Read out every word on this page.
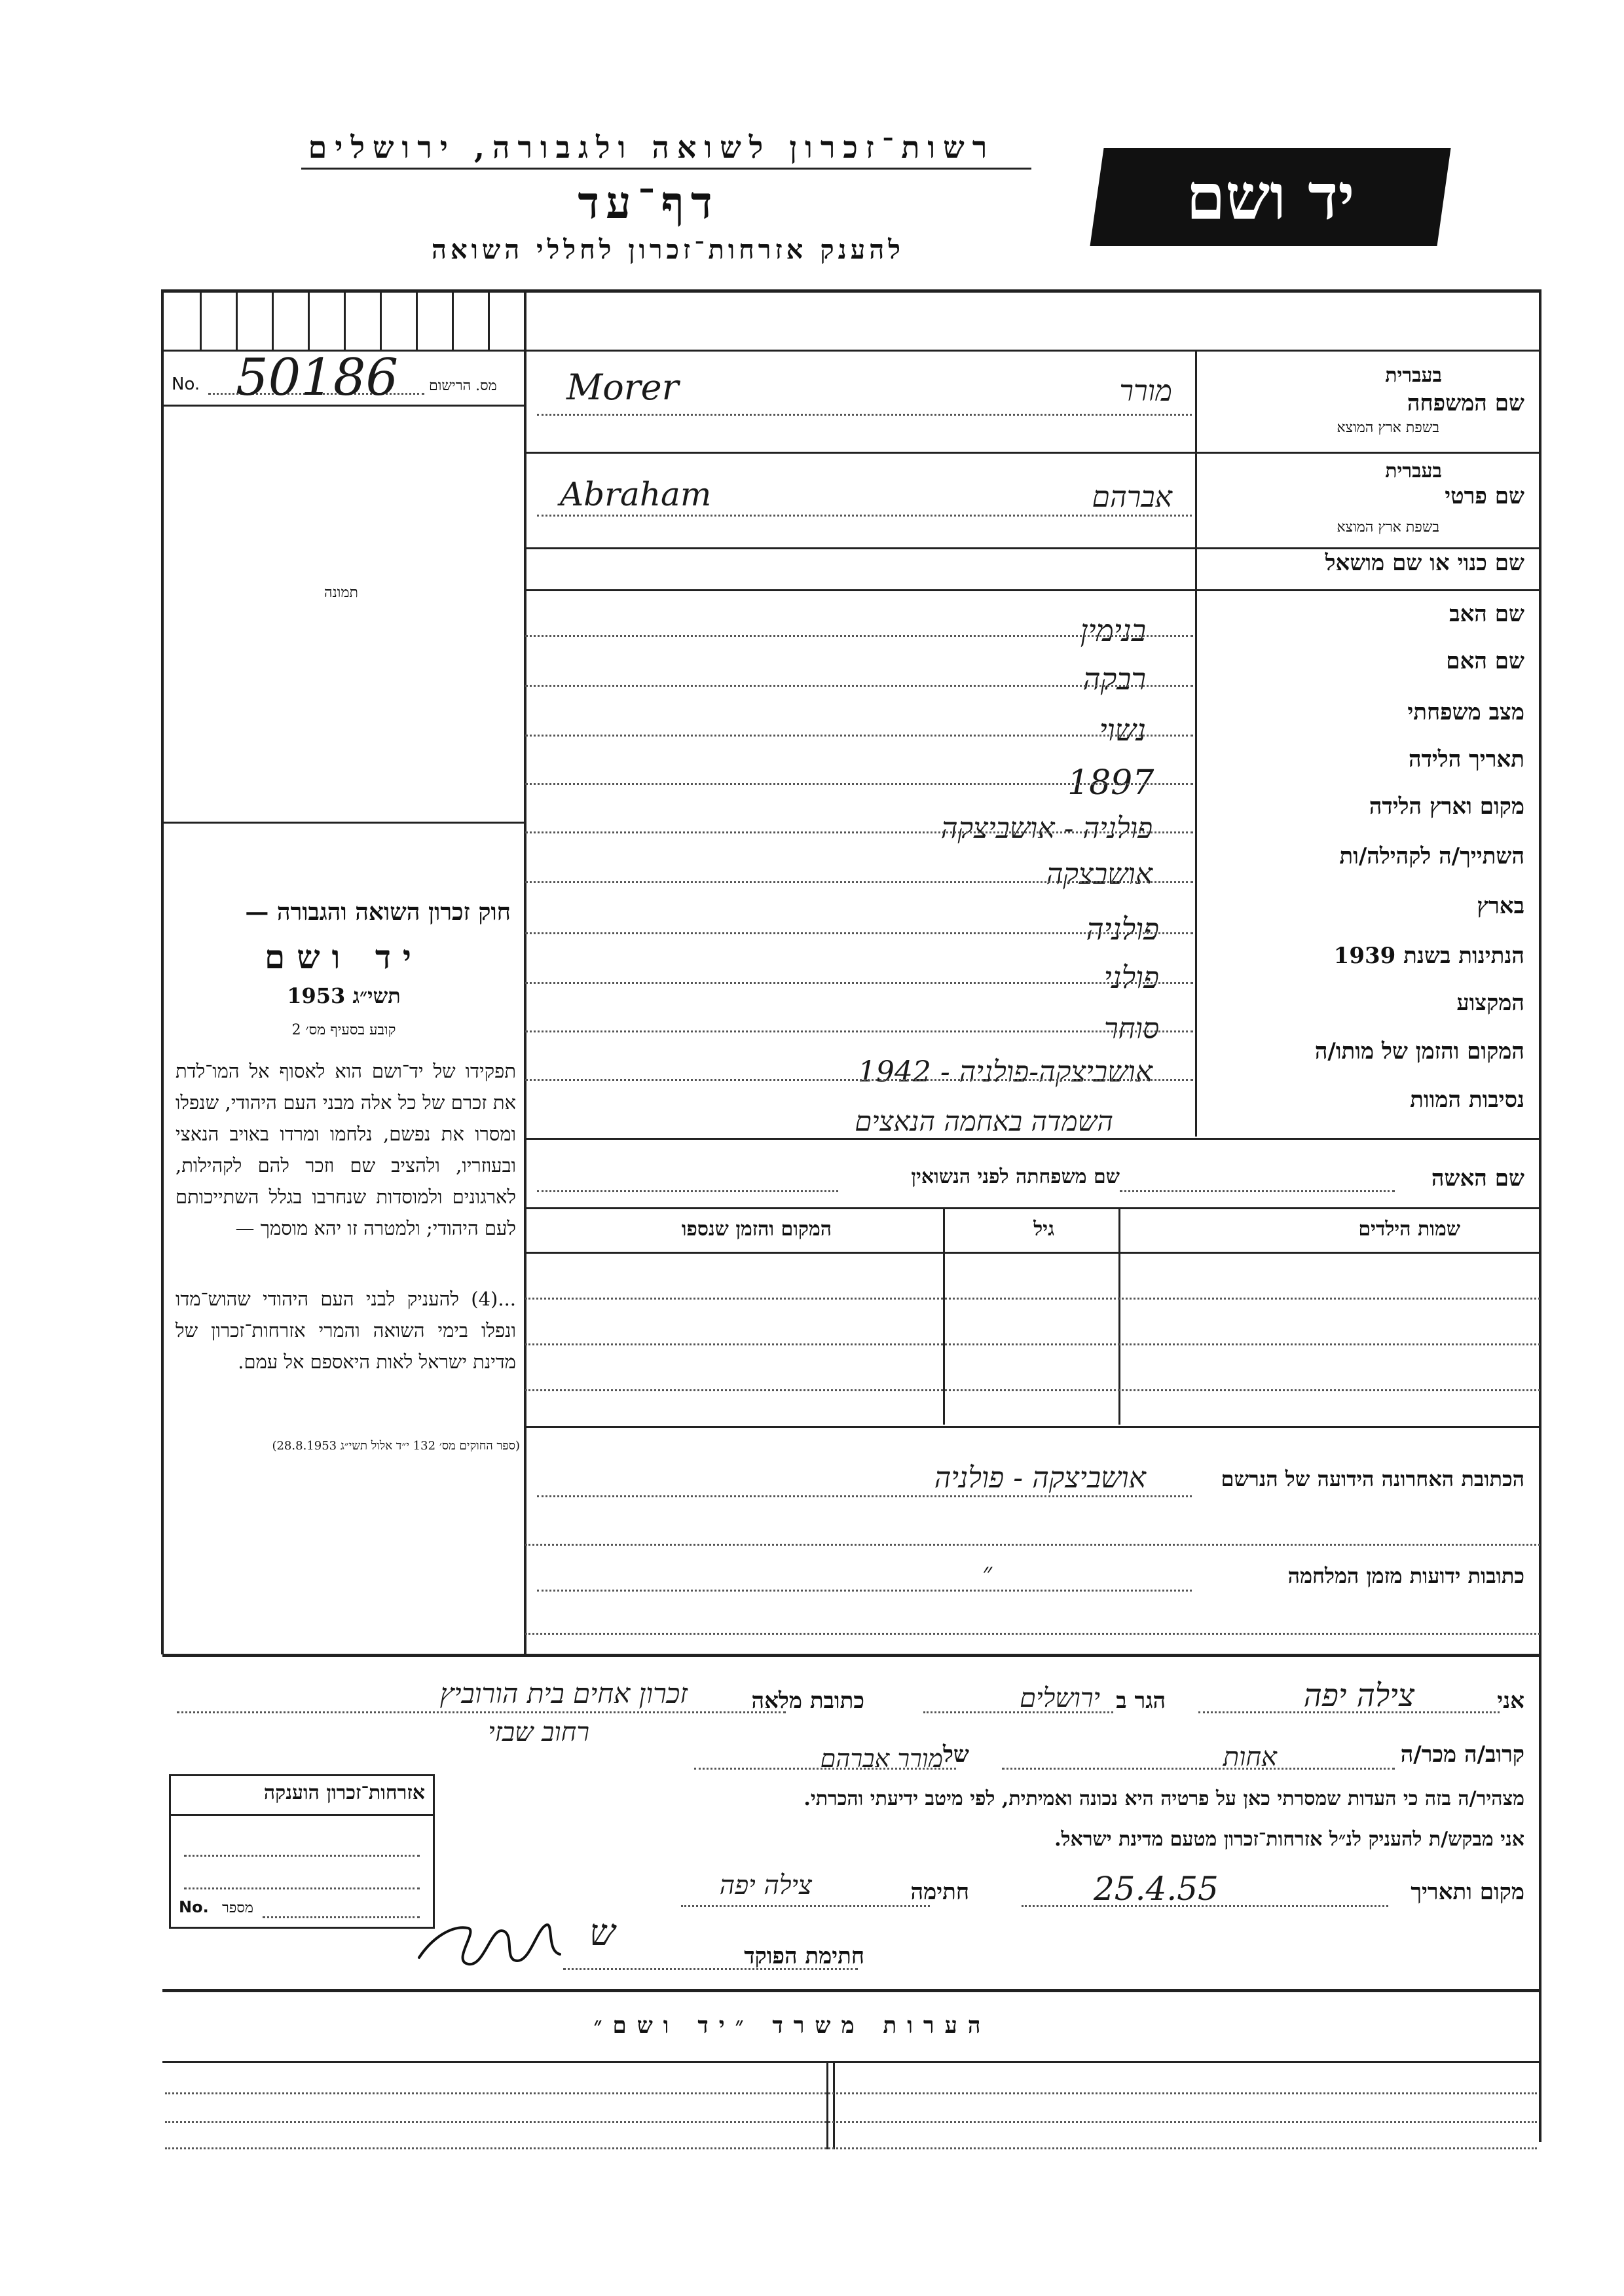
רשות־זכרון לשואה ולגבורה, ירושלים
דף־עד
להענק אזרחות־זכרון לחללי השואה
יד ושם
No. 50186 מס. הרישום
תמונה
חוק זכרון השואה והגבורה —
יד ושם
תשי״ג 1953
קובע בסעיף מס׳ 2
תפקידו של יד־ושם הוא לאסוף אל המו־לדת את זכרם של כל אלה מבני העם היהודי, שנפלו ומסרו את נפשם, נלחמו ומרדו באויב הנאצי ובעוזריו, ולהציב שם וזכר להם לקהילות, לארגונים ולמוסדות שנחרבו בגלל השתייכותם לעם היהודי; ולמטרה זו יהא מוסמך —
...(4) להעניק לבני העם היהודי שהוש־מדו ונפלו בימי השואה והמרי אזרחות־זכרון של מדינת ישראל לאות היאספם אל עמם.
(ספר החוקים מס׳ 132 י״ד אלול תשי״ג 28.8.1953)
שם המשפחה
בעברית
בשפת ארץ המוצא
Morer	מורר
שם פרטי
בעברית
בשפת ארץ המוצא
Abraham	אברהם
שם כנוי או שם מושאל
שם האב
בנימין
שם האם
רבקה
מצב משפחתי
נשוי
תאריך הלידה
1897
מקום וארץ הלידה
פולניה - אושביצקה
השתייך/ה לקהילה/ות
אושבצקה
בארץ
פולניה
הנתינות בשנת 1939
פולני
המקצוע
סוחר
המקום והזמן של מותו/ה
אושביצקה-פולניה - 1942
נסיבות המוות
השמדה באחמה הנאצים
שם האשה
שם משפחתה לפני הנשואין
שמות הילדים
גיל
המקום והזמן שנספו
הכתובת האחרונה הידועה של הנרשם
אושביצקה - פולניה
כתובות ידועות מזמן המלחמה
״
אני
צילה יפה
הגר ב
ירושלים
כתובת מלאה
זכרון אחים בית הורוביץ
רחוב שבזי
קרוב/ה מכר/ה
אחות
של
מורר אברהם
מצהיר/ה בזה כי העדות שמסרתי כאן על פרטיה היא נכונה ואמיתית, לפי מיטב ידיעתי והכרתי.
אני מבקש/ת להעניק לנ״ל אזרחות־זכרון מטעם מדינת ישראל.
מקום ותאריך
25.4.55
חתימה
צילה יפה
חתימת הפוקד
ש
אזרחות־זכרון הוענקה
No. מספר
הערות משרד ״יד ושם״
